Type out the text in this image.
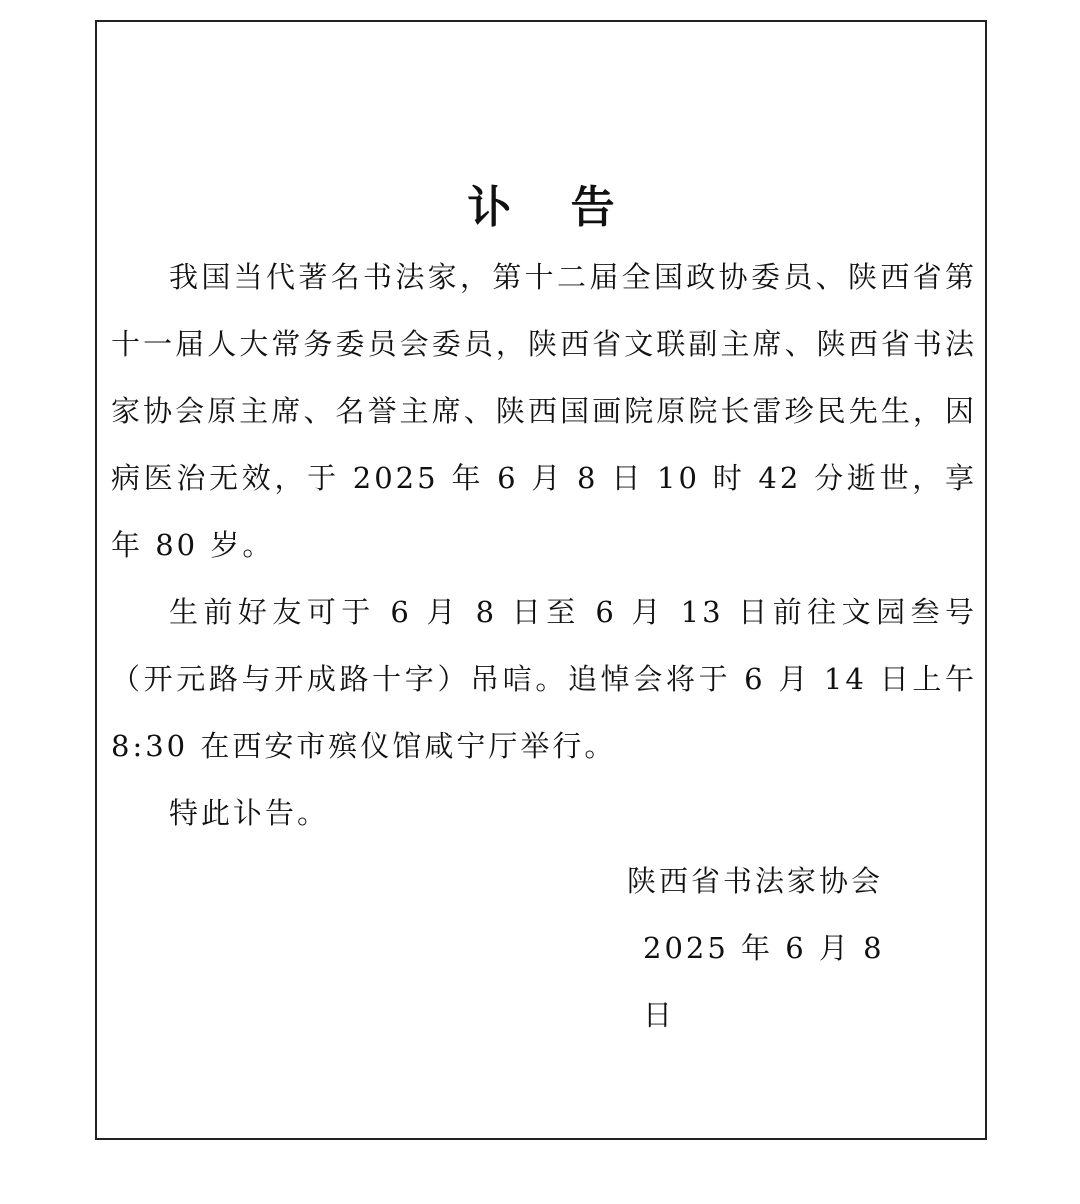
讣 告

我国当代著名书法家，第十二届全国政协委员、陕西省第十一届人大常务委员会委员，陕西省文联副主席、陕西省书法家协会原主席、名誉主席、陕西国画院原院长雷珍民先生，因病医治无效，于 2025 年 6 月 8 日 10 时 42 分逝世，享年 80 岁。

生前好友可于 6 月 8 日至 6 月 13 日前往文园叁号（开元路与开成路十字）吊唁。追悼会将于 6 月 14 日上午 8:30 在西安市殡仪馆咸宁厅举行。

特此讣告。

陕西省书法家协会
2025 年 6 月 8 日
